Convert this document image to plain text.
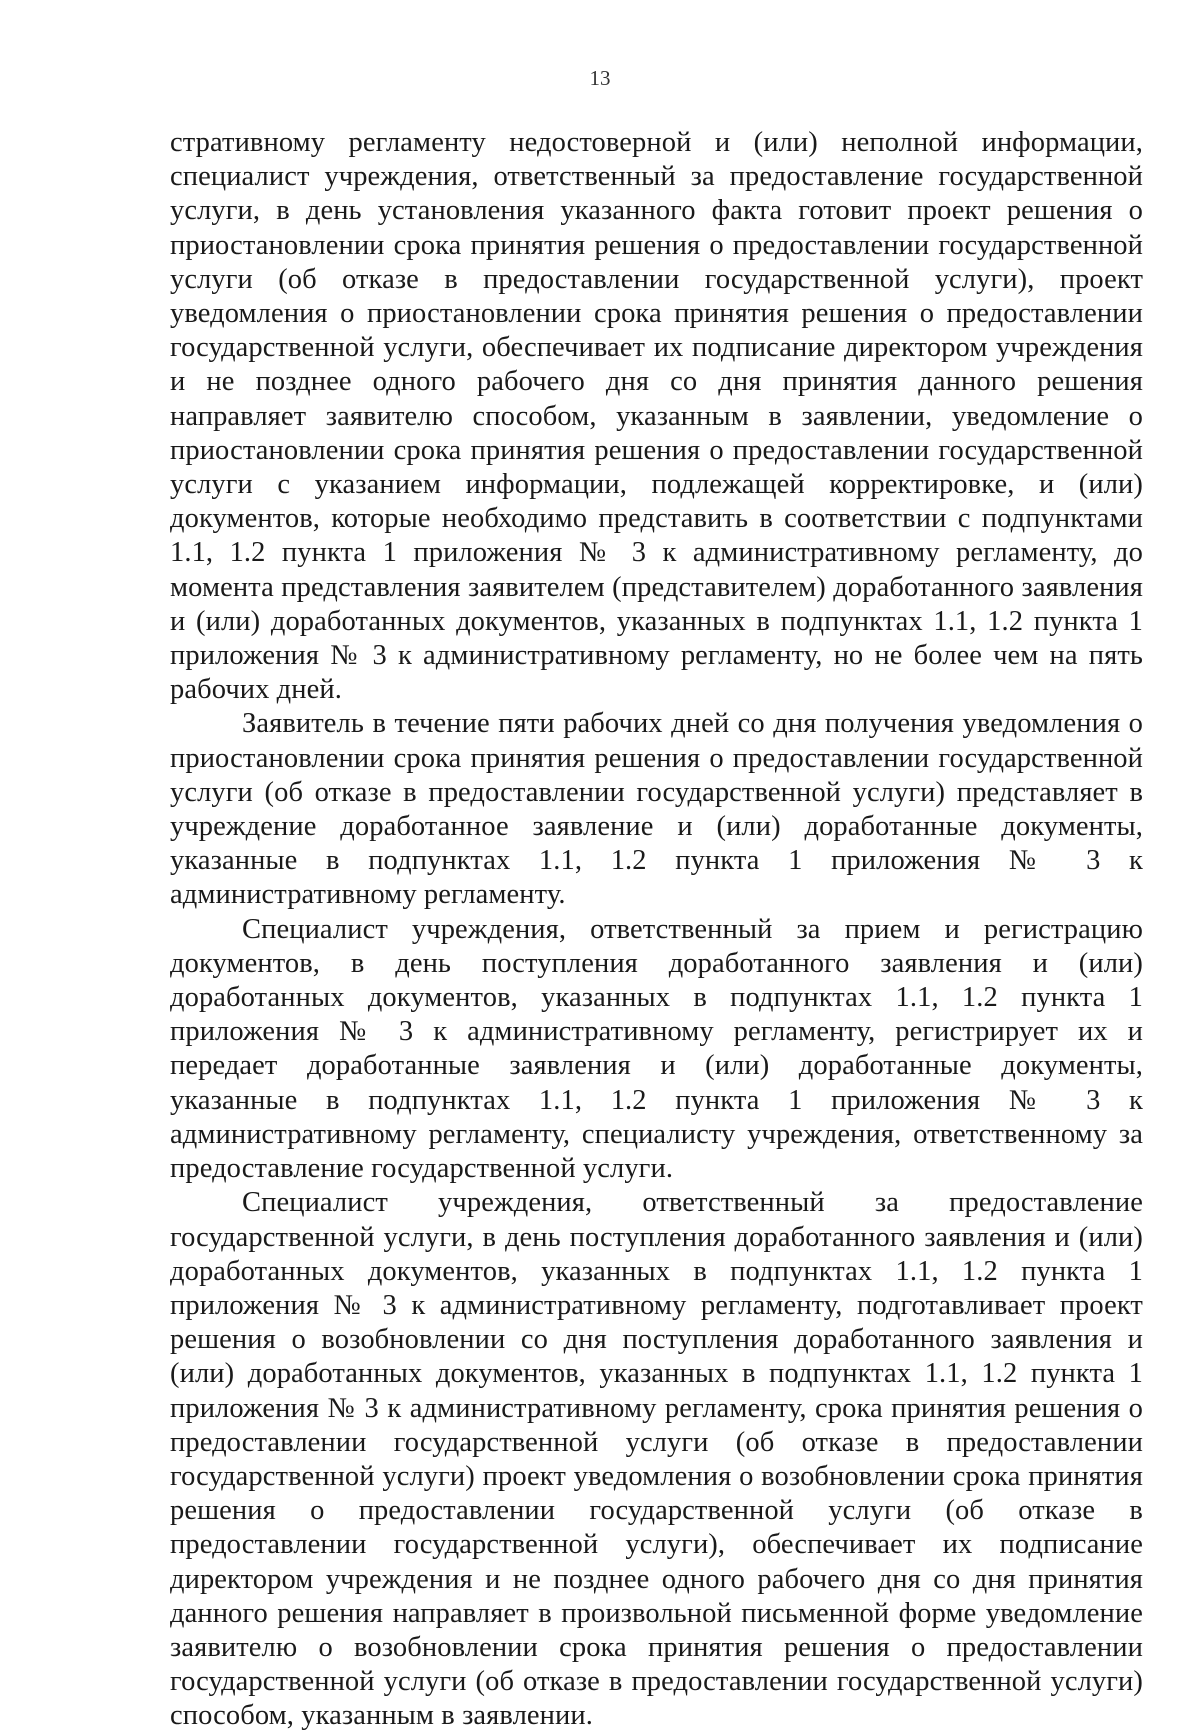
13

стративному регламенту недостоверной и (или) неполной информации, специалист учреждения, ответственный за предоставление государственной услуги, в день установления указанного факта готовит проект решения о приостановлении срока принятия решения о предоставлении государственной услуги (об отказе в предоставлении государственной услуги), проект уведомления о приостановлении срока принятия решения о предоставлении государственной услуги, обеспечивает их подписание директором учреждения и не позднее одного рабочего дня со дня принятия данного решения направляет заявителю способом, указанным в заявлении, уведомление о приостановлении срока принятия решения о предоставлении государственной услуги с указанием информации, подлежащей корректировке, и (или) документов, которые необходимо представить в соответствии с подпунктами 1.1, 1.2 пункта 1 приложения № 3 к административному регламенту, до момента представления заявителем (представителем) доработанного заявления и (или) доработанных документов, указанных в подпунктах 1.1, 1.2 пункта 1 приложения № 3 к административному регламенту, но не более чем на пять рабочих дней.

Заявитель в течение пяти рабочих дней со дня получения уведомления о приостановлении срока принятия решения о предоставлении государственной услуги (об отказе в предоставлении государственной услуги) представляет в учреждение доработанное заявление и (или) доработанные документы, указанные в подпунктах 1.1, 1.2 пункта 1 приложения № 3 к административному регламенту.

Специалист учреждения, ответственный за прием и регистрацию документов, в день поступления доработанного заявления и (или) доработанных документов, указанных в подпунктах 1.1, 1.2 пункта 1 приложения № 3 к административному регламенту, регистрирует их и передает доработанные заявления и (или) доработанные документы, указанные в подпунктах 1.1, 1.2 пункта 1 приложения № 3 к административному регламенту, специалисту учреждения, ответственному за предоставление государственной услуги.

Специалист учреждения, ответственный за предоставление государственной услуги, в день поступления доработанного заявления и (или) доработанных документов, указанных в подпунктах 1.1, 1.2 пункта 1 приложения № 3 к административному регламенту, подготавливает проект решения о возобновлении со дня поступления доработанного заявления и (или) доработанных документов, указанных в подпунктах 1.1, 1.2 пункта 1 приложения № 3 к административному регламенту, срока принятия решения о предоставлении государственной услуги (об отказе в предоставлении государственной услуги) проект уведомления о возобновлении срока принятия решения о предоставлении государственной услуги (об отказе в предоставлении государственной услуги), обеспечивает их подписание директором учреждения и не позднее одного рабочего дня со дня принятия данного решения направляет в произвольной письменной форме уведомление заявителю о возобновлении срока принятия решения о предоставлении государственной услуги (об отказе в предоставлении государственной услуги) способом, указанным в заявлении.
